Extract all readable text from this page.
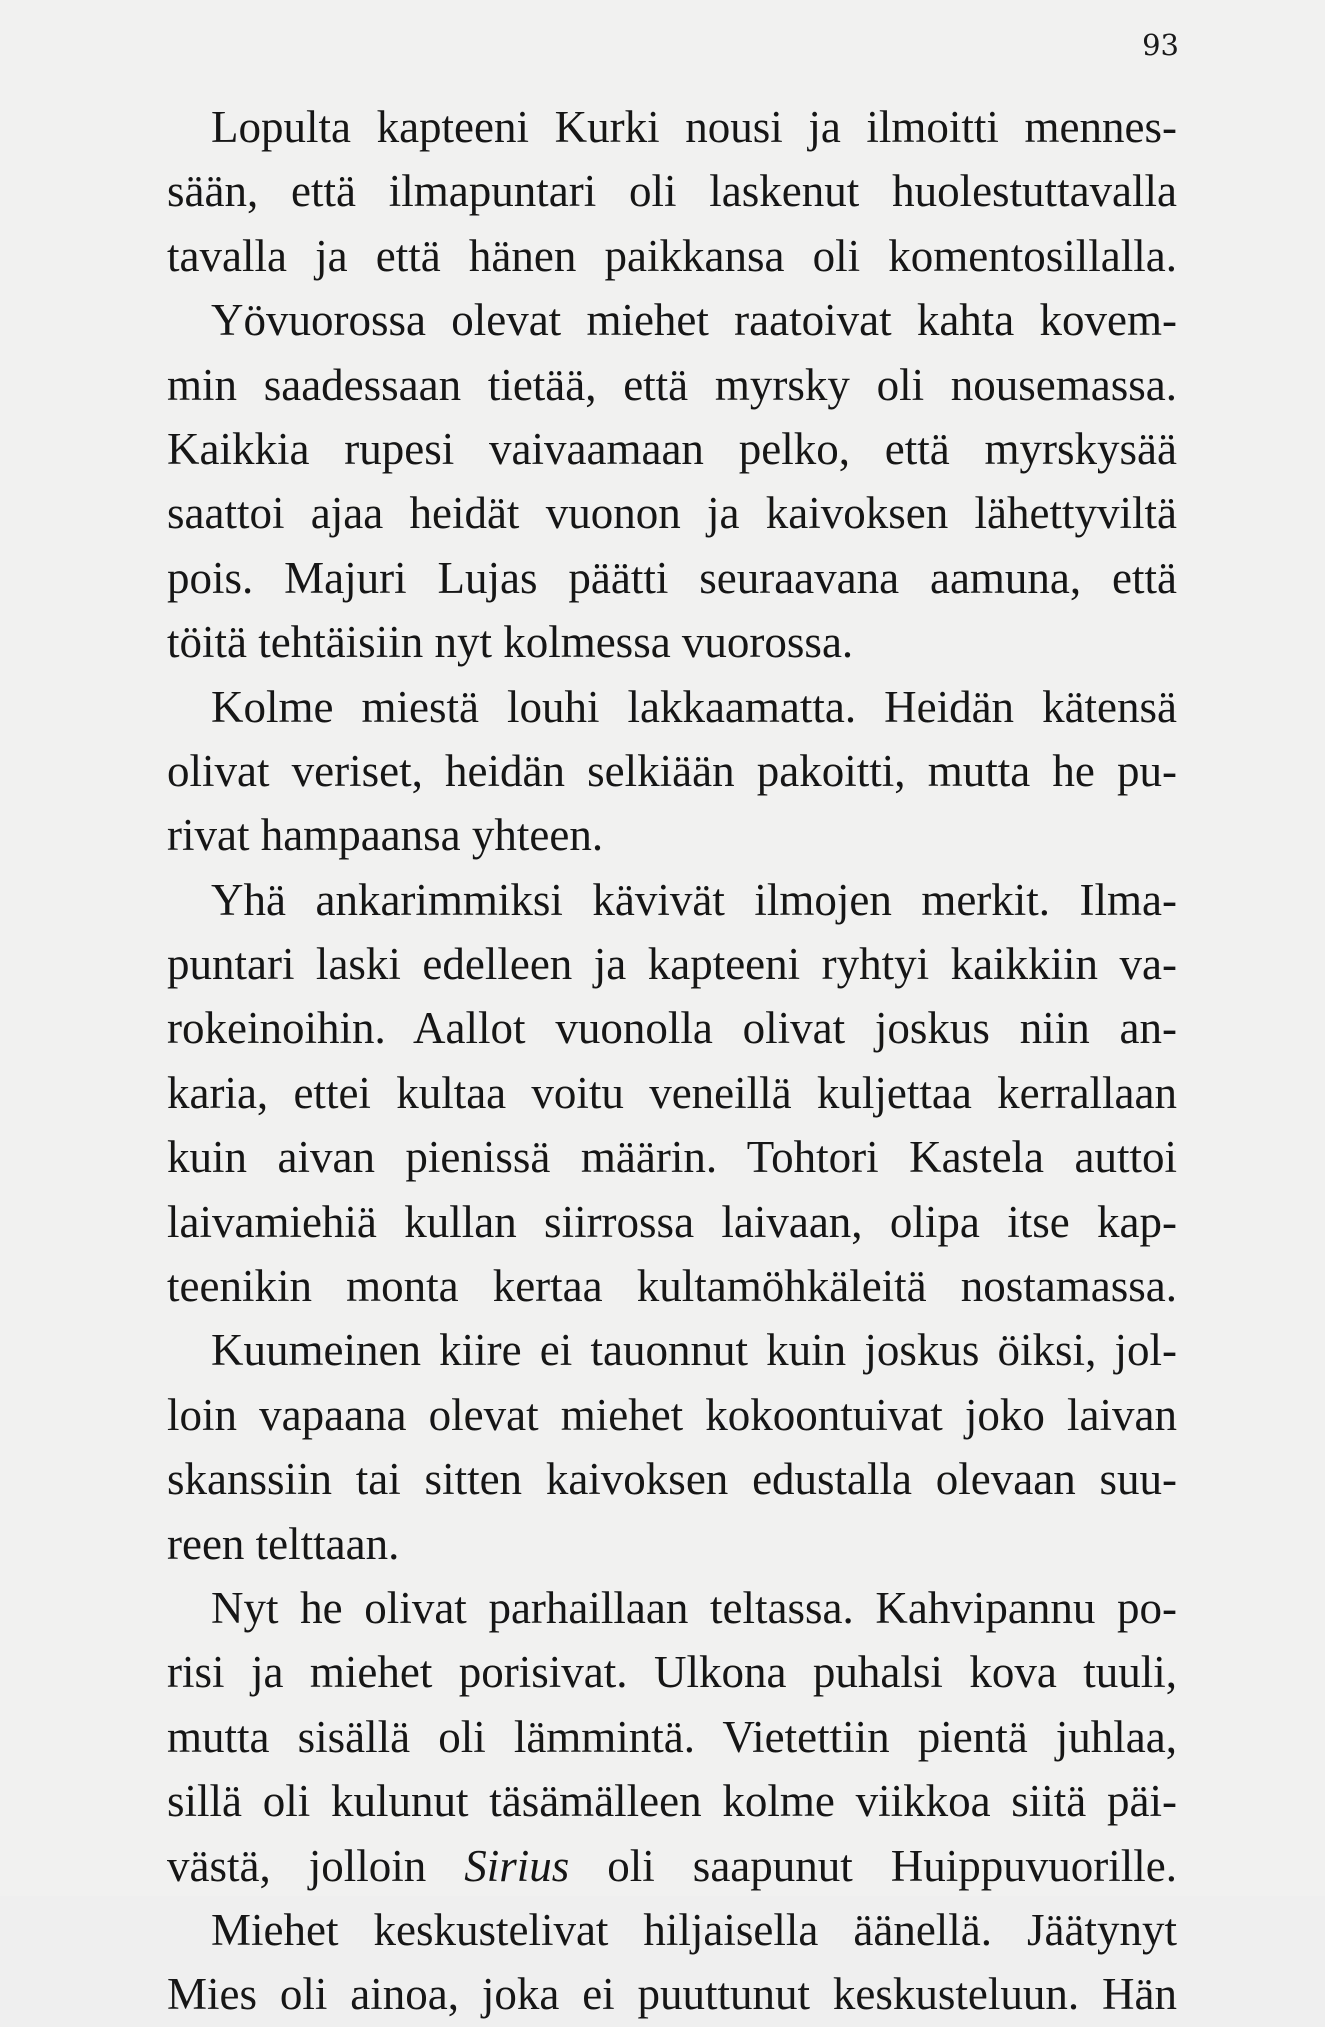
93
Lopulta kapteeni Kurki nousi ja ilmoitti mennes-
sään, että ilmapuntari oli laskenut huolestuttavalla
tavalla ja että hänen paikkansa oli komentosillalla.
Yövuorossa olevat miehet raatoivat kahta kovem-
min saadessaan tietää, että myrsky oli nousemassa.
Kaikkia rupesi vaivaamaan pelko, että myrskysää
saattoi ajaa heidät vuonon ja kaivoksen lähettyviltä
pois. Majuri Lujas päätti seuraavana aamuna, että
töitä tehtäisiin nyt kolmessa vuorossa.
Kolme miestä louhi lakkaamatta. Heidän kätensä
olivat veriset, heidän selkiään pakoitti, mutta he pu-
rivat hampaansa yhteen.
Yhä ankarimmiksi kävivät ilmojen merkit. Ilma-
puntari laski edelleen ja kapteeni ryhtyi kaikkiin va-
rokeinoihin. Aallot vuonolla olivat joskus niin an-
karia, ettei kultaa voitu veneillä kuljettaa kerrallaan
kuin aivan pienissä määrin. Tohtori Kastela auttoi
laivamiehiä kullan siirrossa laivaan, olipa itse kap-
teenikin monta kertaa kultamöhkäleitä nostamassa.
Kuumeinen kiire ei tauonnut kuin joskus öiksi, jol-
loin vapaana olevat miehet kokoontuivat joko laivan
skanssiin tai sitten kaivoksen edustalla olevaan suu-
reen telttaan.
Nyt he olivat parhaillaan teltassa. Kahvipannu po-
risi ja miehet porisivat. Ulkona puhalsi kova tuuli,
mutta sisällä oli lämmintä. Vietettiin pientä juhlaa,
sillä oli kulunut täsämälleen kolme viikkoa siitä päi-
västä, jolloin Sirius oli saapunut Huippuvuorille.
Miehet keskustelivat hiljaisella äänellä. Jäätynyt
Mies oli ainoa, joka ei puuttunut keskusteluun. Hän
